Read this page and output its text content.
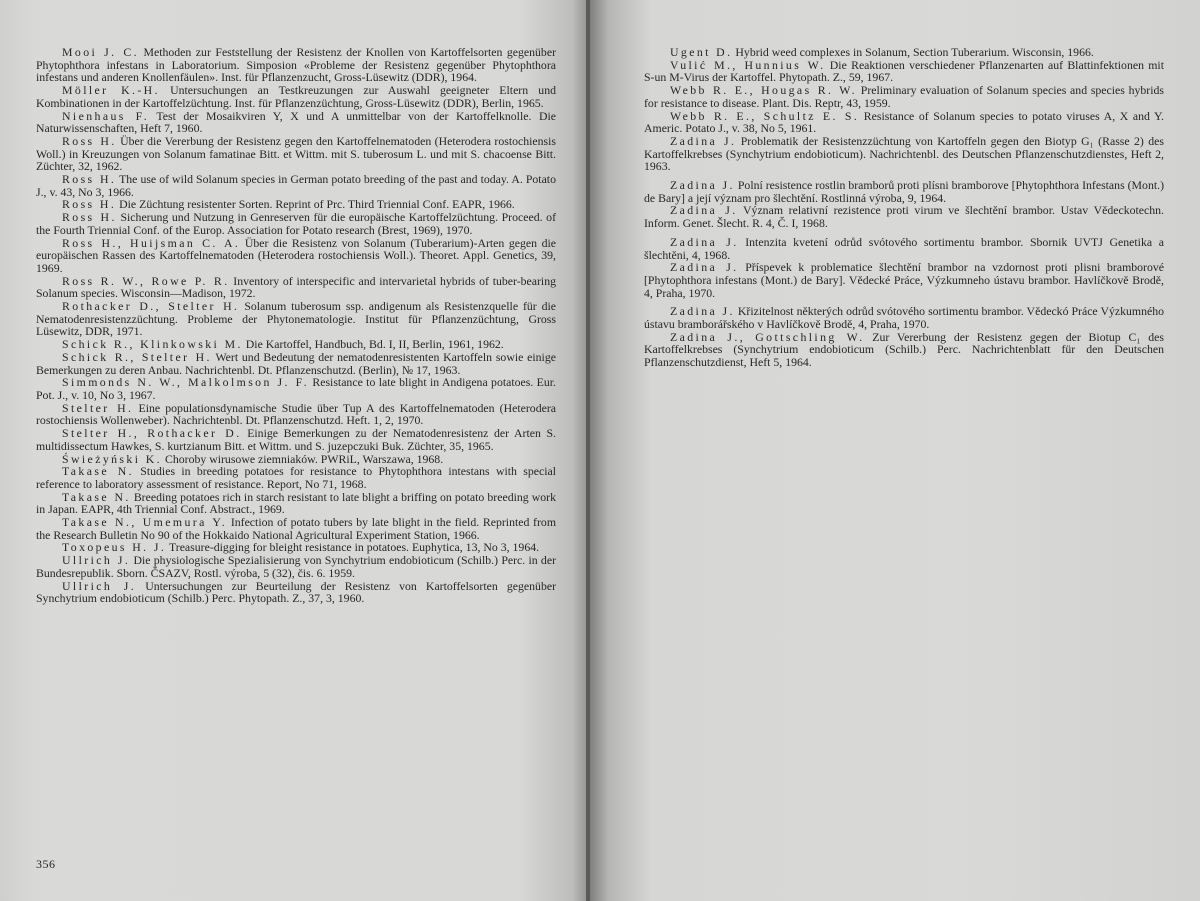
Mooi J. C. Methoden zur Feststellung der Resistenz der Knollen von Kartoffelsorten gegenüber Phytophthora infestans in Laboratorium. Simposion «Probleme der Resistenz gegenüber Phytophthora infestans und anderen Knollenfäulen». Inst. für Pflanzenzucht, Gross-Lüsewitz (DDR), 1964.

Möller K.-H. Untersuchungen an Testkreuzungen zur Auswahl geeigneter Eltern und Kombinationen in der Kartoffelzüchtung. Inst. für Pflanzenzüchtung, Gross-Lüsewitz (DDR), Berlin, 1965.

Nienhaus F. Test der Mosaikviren Y, X und A unmittelbar von der Kartoffelknolle. Die Naturwissenschaften, Heft 7, 1960.

Ross H. Über die Vererbung der Resistenz gegen den Kartoffelnematoden (Heterodera rostochiensis Woll.) in Kreuzungen von Solanum famatinae Bitt. et Wittm. mit S. tuberosum L. und mit S. chacoense Bitt. Züchter, 32, 1962.

Ross H. The use of wild Solanum species in German potato breeding of the past and today. A. Potato J., v. 43, No 3, 1966.

Ross H. Die Züchtung resistenter Sorten. Reprint of Prc. Third Triennial Conf. EAPR, 1966.

Ross H. Sicherung und Nutzung in Genreserven für die europäische Kartoffelzüchtung. Proceed. of the Fourth Triennial Conf. of the Europ. Association for Potato research (Brest, 1969), 1970.

Ross H., Huijsman C. A. Über die Resistenz von Solanum (Tuberarium)-Arten gegen die europäischen Rassen des Kartoffelnematoden (Heterodera rostochiensis Woll.). Theoret. Appl. Genetics, 39, 1969.

Ross R. W., Rowe P. R. Inventory of interspecific and intervarietal hybrids of tuber-bearing Solanum species. Wisconsin—Madison, 1972.

Rothacker D., Stelter H. Solanum tuberosum ssp. andigenum als Resistenzquelle für die Nematodenresistenzzüchtung. Probleme der Phytonematologie. Institut für Pflanzenzüchtung, Gross Lüsewitz, DDR, 1971.

Schick R., Klinkowski M. Die Kartoffel, Handbuch, Bd. I, II, Berlin, 1961, 1962.

Schick R., Stelter H. Wert und Bedeutung der nematodenresistenten Kartoffeln sowie einige Bemerkungen zu deren Anbau. Nachrichtenbl. Dt. Pflanzenschutzd. (Berlin), № 17, 1963.

Simmonds N. W., Malkolmson J. F. Resistance to late blight in Andigena potatoes. Eur. Pot. J., v. 10, No 3, 1967.

Stelter H. Eine populationsdynamische Studie über Tup A des Kartoffelnematoden (Heterodera rostochiensis Wollenweber). Nachrichtenbl. Dt. Pflanzenschutzd. Heft. 1, 2, 1970.

Stelter H., Rothacker D. Einige Bemerkungen zu der Nematodenresistenz der Arten S. multidissectum Hawkes, S. kurtzianum Bitt. et Wittm. und S. juzepczuki Buk. Züchter, 35, 1965.

Świeżyński K. Choroby wirusowe ziemniaków. PWRiL, Warszawa, 1968.

Takase N. Studies in breeding potatoes for resistance to Phytophthora intestans with special reference to laboratory assessment of resistance. Report, No 71, 1968.

Takase N. Breeding potatoes rich in starch resistant to late blight a briffing on potato breeding work in Japan. EAPR, 4th Triennial Conf. Abstract., 1969.

Takase N., Umemura Y. Infection of potato tubers by late blight in the field. Reprinted from the Research Bulletin No 90 of the Hokkaido National Agricultural Experiment Station, 1966.

Toxopeus H. J. Treasure-digging for bleight resistance in potatoes. Euphytica, 13, No 3, 1964.

Ullrich J. Die physiologische Spezialisierung von Synchytrium endobioticum (Schilb.) Perc. in der Bundesrepublik. Sborn. ČSAZV, Rostl. výroba, 5 (32), čis. 6. 1959.

Ullrich J. Untersuchungen zur Beurteilung der Resistenz von Kartoffelsorten gegenüber Synchytrium endobioticum (Schilb.) Perc. Phytopath. Z., 37, 3, 1960.

356

Ugent D. Hybrid weed complexes in Solanum, Section Tuberarium. Wisconsin, 1966.

Vulić M., Hunnius W. Die Reaktionen verschiedener Pflanzenarten auf Blattinfektionen mit S-un M-Virus der Kartoffel. Phytopath. Z., 59, 1967.

Webb R. E., Hougas R. W. Preliminary evaluation of Solanum species and species hybrids for resistance to disease. Plant. Dis. Reptr, 43, 1959.

Webb R. E., Schultz E. S. Resistance of Solanum species to potato viruses A, X and Y. Americ. Potato J., v. 38, No 5, 1961.

Zadina J. Problematik der Resistenzzüchtung von Kartoffeln gegen den Biotyp G₁ (Rasse 2) des Kartoffelkrebses (Synchytrium endobioticum). Nachrichtenbl. des Deutschen Pflanzenschutzdienstes, Heft 2, 1963.

Zadina J. Polní resistence rostlin bramborů proti plísni bramborove [Phytophthora Infestans (Mont.) de Bary] a její význam pro šlechtění. Rostlinná výroba, 9, 1964.

Zadina J. Význam relativní rezistence proti virum ve šlechtění brambor. Ustav Vědeckotechn. Inform. Genet. Šlecht. R. 4, Č. I, 1968.

Zadina J. Intenzita kvetení odrůd svótového sortimentu brambor. Sbornik UVTJ Genetika a šlechtěni, 4, 1968.

Zadina J. Příspevek k problematice šlechtění brambor na vzdornost proti plisni bramborové [Phytophthora infestans (Mont.) de Bary]. Vědecké Práce, Výzkumneho ústavu brambor. Havlíčkově Brodě, 4, Praha, 1970.

Zadina J. Křizitelnost některých odrůd svótového sortimentu brambor. Vědeckó Práce Výzkumného ústavu bramborářského v Havlíčkově Brodě, 4, Praha, 1970.

Zadina J., Gottschling W. Zur Vererbung der Resistenz gegen der Biotup C₁ des Kartoffelkrebses (Synchytrium endobioticum (Schilb.) Perc. Nachrichtenblatt für den Deutschen Pflanzenschutzdienst, Heft 5, 1964.
